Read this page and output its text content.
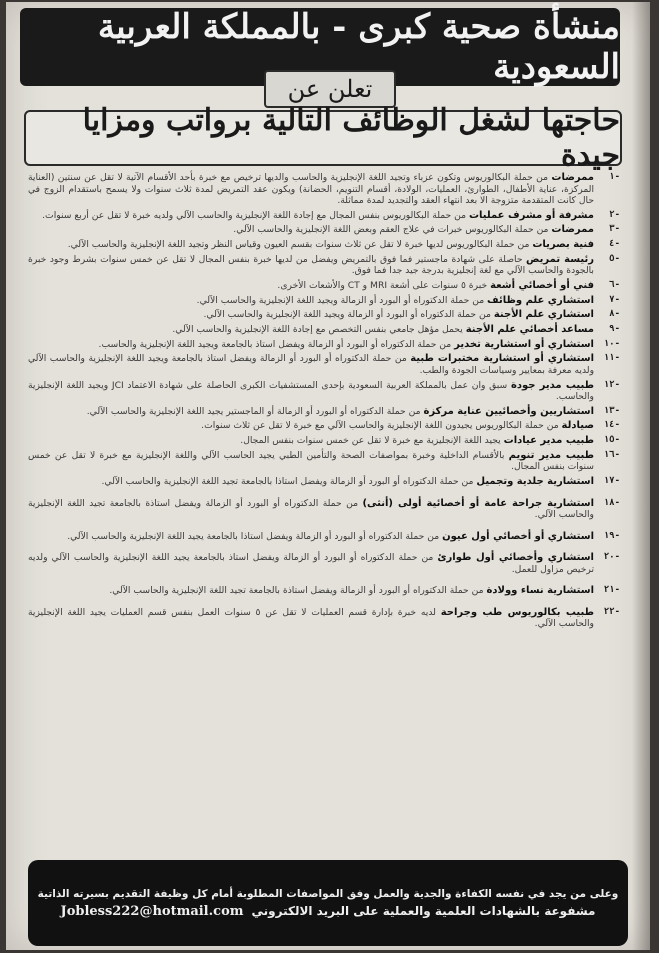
منشأة صحية كبرى - بالمملكة العربية السعودية
تعلن عن
حاجتها لشغل الوظائف التالية برواتب ومزايا جيدة
-١
ممرضات من حملة البكالوريوس وتكون عزباء وتجيد اللغة الإنجليزية والحاسب والديها ترخيص مع خبرة بأحد الأقسام الآتية لا تقل عن سنتين (العناية المركزة، عناية الأطفال، الطوارئ، العمليات، الولادة، أقسام التنويم، الحضانة) ويكون عقد التمريض لمدة ثلاث سنوات ولا يسمح باستقدام الزوج في حال كانت المتقدمة متزوجة الا بعد انتهاء العقد والتجديد لمدة مماثلة.
-٢
مشرفة أو مشرف عمليات من حملة البكالوريوس بنفس المجال مع إجادة اللغة الإنجليزية والحاسب الآلي ولديه خبرة لا تقل عن أربع سنوات.
-٣
ممرضات من حملة البكالوريوس خبرات في علاج العقم وبعض اللغة الإنجليزية والحاسب الآلي.
-٤
فنية بصريات من حملة البكالوريوس لديها خبرة لا تقل عن ثلاث سنوات بقسم العيون وقياس النظر وتجيد اللغة الإنجليزية والحاسب الآلي.
-٥
رئيسة تمريض حاصلة على شهادة ماجستير فما فوق بالتمريض ويفضل من لديها خبرة بنفس المجال لا تقل عن خمس سنوات بشرط وجود خبرة بالجودة والحاسب الآلي مع لغة إنجليزية بدرجة جيد جدا فما فوق.
-٦
فني أو أخصائي أشعة خبرة ٥ سنوات على أشعة MRI و CT والأشعات الأخرى.
-٧
استشاري علم وظائف من حملة الدكتوراه أو البورد أو الزمالة ويجيد اللغة الإنجليزية والحاسب الآلي.
-٨
استشاري علم الأجنة من حملة الدكتوراه أو البورد أو الزمالة ويجيد اللغة الإنجليزية والحاسب الآلي.
-٩
مساعد أخصائي علم الأجنة يحمل مؤهل جامعي بنفس التخصص مع إجادة اللغة الإنجليزية والحاسب الآلي.
-١٠
استشاري أو استشارية تخدير من حملة الدكتوراه أو البورد أو الزمالة ويفضل استاذ بالجامعة ويجيد اللغة الإنجليزية والحاسب.
-١١
استشاري أو استشارية مختبرات طبية من حملة الدكتوراه أو البورد أو الزمالة ويفضل استاذ بالجامعة ويجيد اللغة الإنجليزية والحاسب الآلي ولديه معرفة بمعايير وسياسات الجودة والطب.
-١٢
طبيب مدير جودة سبق وان عمل بالمملكة العربية السعودية بإحدى المستشفيات الكبرى الحاصلة على شهادة الاعتماد JCI ويجيد اللغة الإنجليزية والحاسب.
-١٣
استشاريين وأخصائيين عناية مركزة من حملة الدكتوراه أو البورد أو الزمالة أو الماجستير يجيد اللغة الإنجليزية والحاسب الآلي.
-١٤
صيادلة من حملة البكالوريوس يجيدون اللغة الإنجليزية والحاسب الآلي مع خبرة لا تقل عن ثلاث سنوات.
-١٥
طبيب مدير عيادات يجيد اللغة الإنجليزية مع خبرة لا تقل عن خمس سنوات بنفس المجال.
-١٦
طبيب مدير تنويم بالأقسام الداخلية وخبرة بمواصفات الصحة والتأمين الطبي يجيد الحاسب الآلي واللغة الإنجليزية مع خبرة لا تقل عن خمس سنوات بنفس المجال.
-١٧
استشارية جلدية وتجميل من حملة الدكتوراه أو البورد أو الزمالة ويفضل استاذا بالجامعة تجيد اللغة الإنجليزية والحاسب الآلي.
-١٨
استشارية جراحة عامة أو أخصائية أولى (أنثى) من حملة الدكتوراه أو البورد أو الزمالة ويفضل استاذة بالجامعة تجيد اللغة الإنجليزية والحاسب الآلي.
-١٩
استشاري أو أخصائي أول عيون من حملة الدكتوراه أو البورد أو الزمالة ويفضل استاذا بالجامعة يجيد اللغة الإنجليزية والحاسب الآلي.
-٢٠
استشاري وأخصائي أول طوارئ من حملة الدكتوراه أو البورد أو الزمالة ويفضل استاذ بالجامعة يجيد اللغة الإنجليزية والحاسب الآلي ولديه ترخيص مزاول للعمل.
-٢١
استشارية نساء وولادة من حملة الدكتوراه أو البورد أو الزمالة ويفضل استاذة بالجامعة تجيد اللغة الإنجليزية والحاسب الآلي.
-٢٢
طبيب بكالوريوس طب وجراحة لديه خبرة بإدارة قسم العمليات لا تقل عن ٥ سنوات العمل بنفس قسم العمليات يجيد اللغة الإنجليزية والحاسب الآلي.
وعلى من يجد في نفسه الكفاءة والجدية والعمل وفق المواصفات المطلوبة أمام كل وظيفة التقديم بسيرته الذاتية
مشفوعة بالشهادات العلمية والعملية على البريد الالكتروني
Jobless222@hotmail.com
